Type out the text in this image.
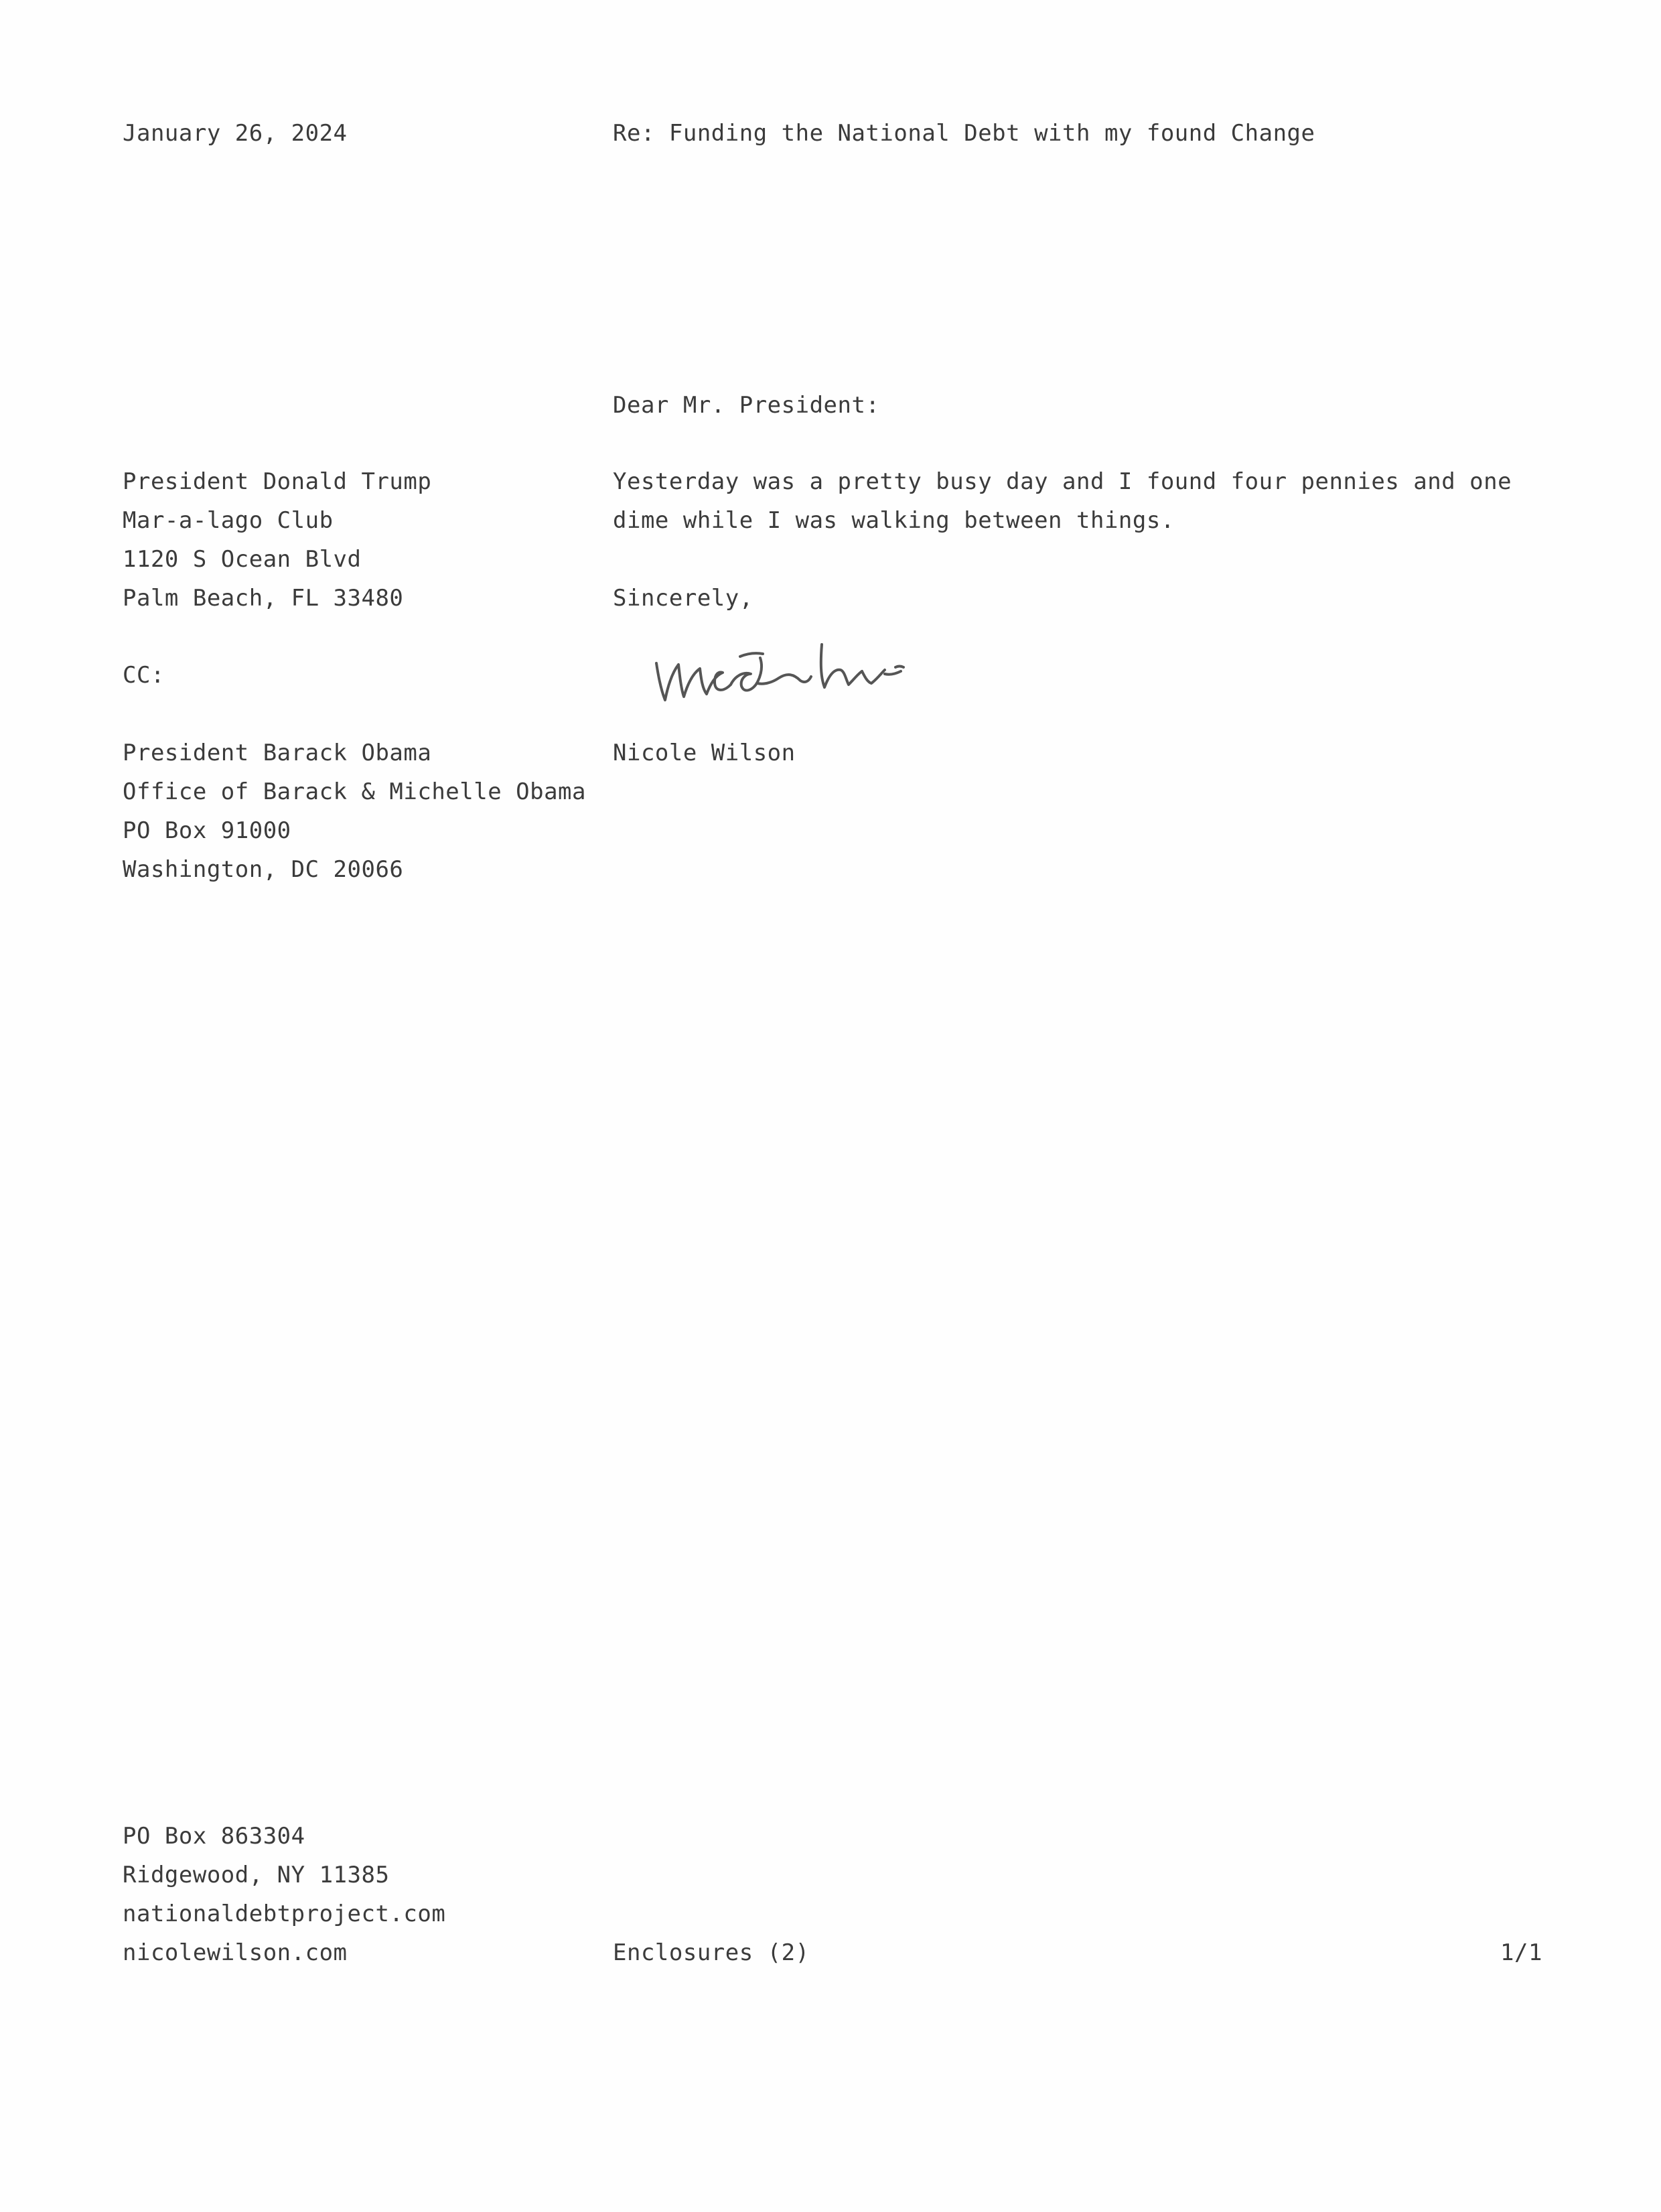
January 26, 2024	Re: Funding the National Debt with my found Change
Dear Mr. President:
President Donald Trump
Mar-a-lago Club
1120 S Ocean Blvd
Palm Beach, FL 33480
Yesterday was a pretty busy day and I found four pennies and one
dime while I was walking between things.
Sincerely,
CC:
Nicole Wilson
President Barack Obama
Office of Barack & Michelle Obama
PO Box 91000
Washington, DC 20066
PO Box 863304
Ridgewood, NY 11385
nationaldebtproject.com
nicolewilson.com	Enclosures (2)	1/1
